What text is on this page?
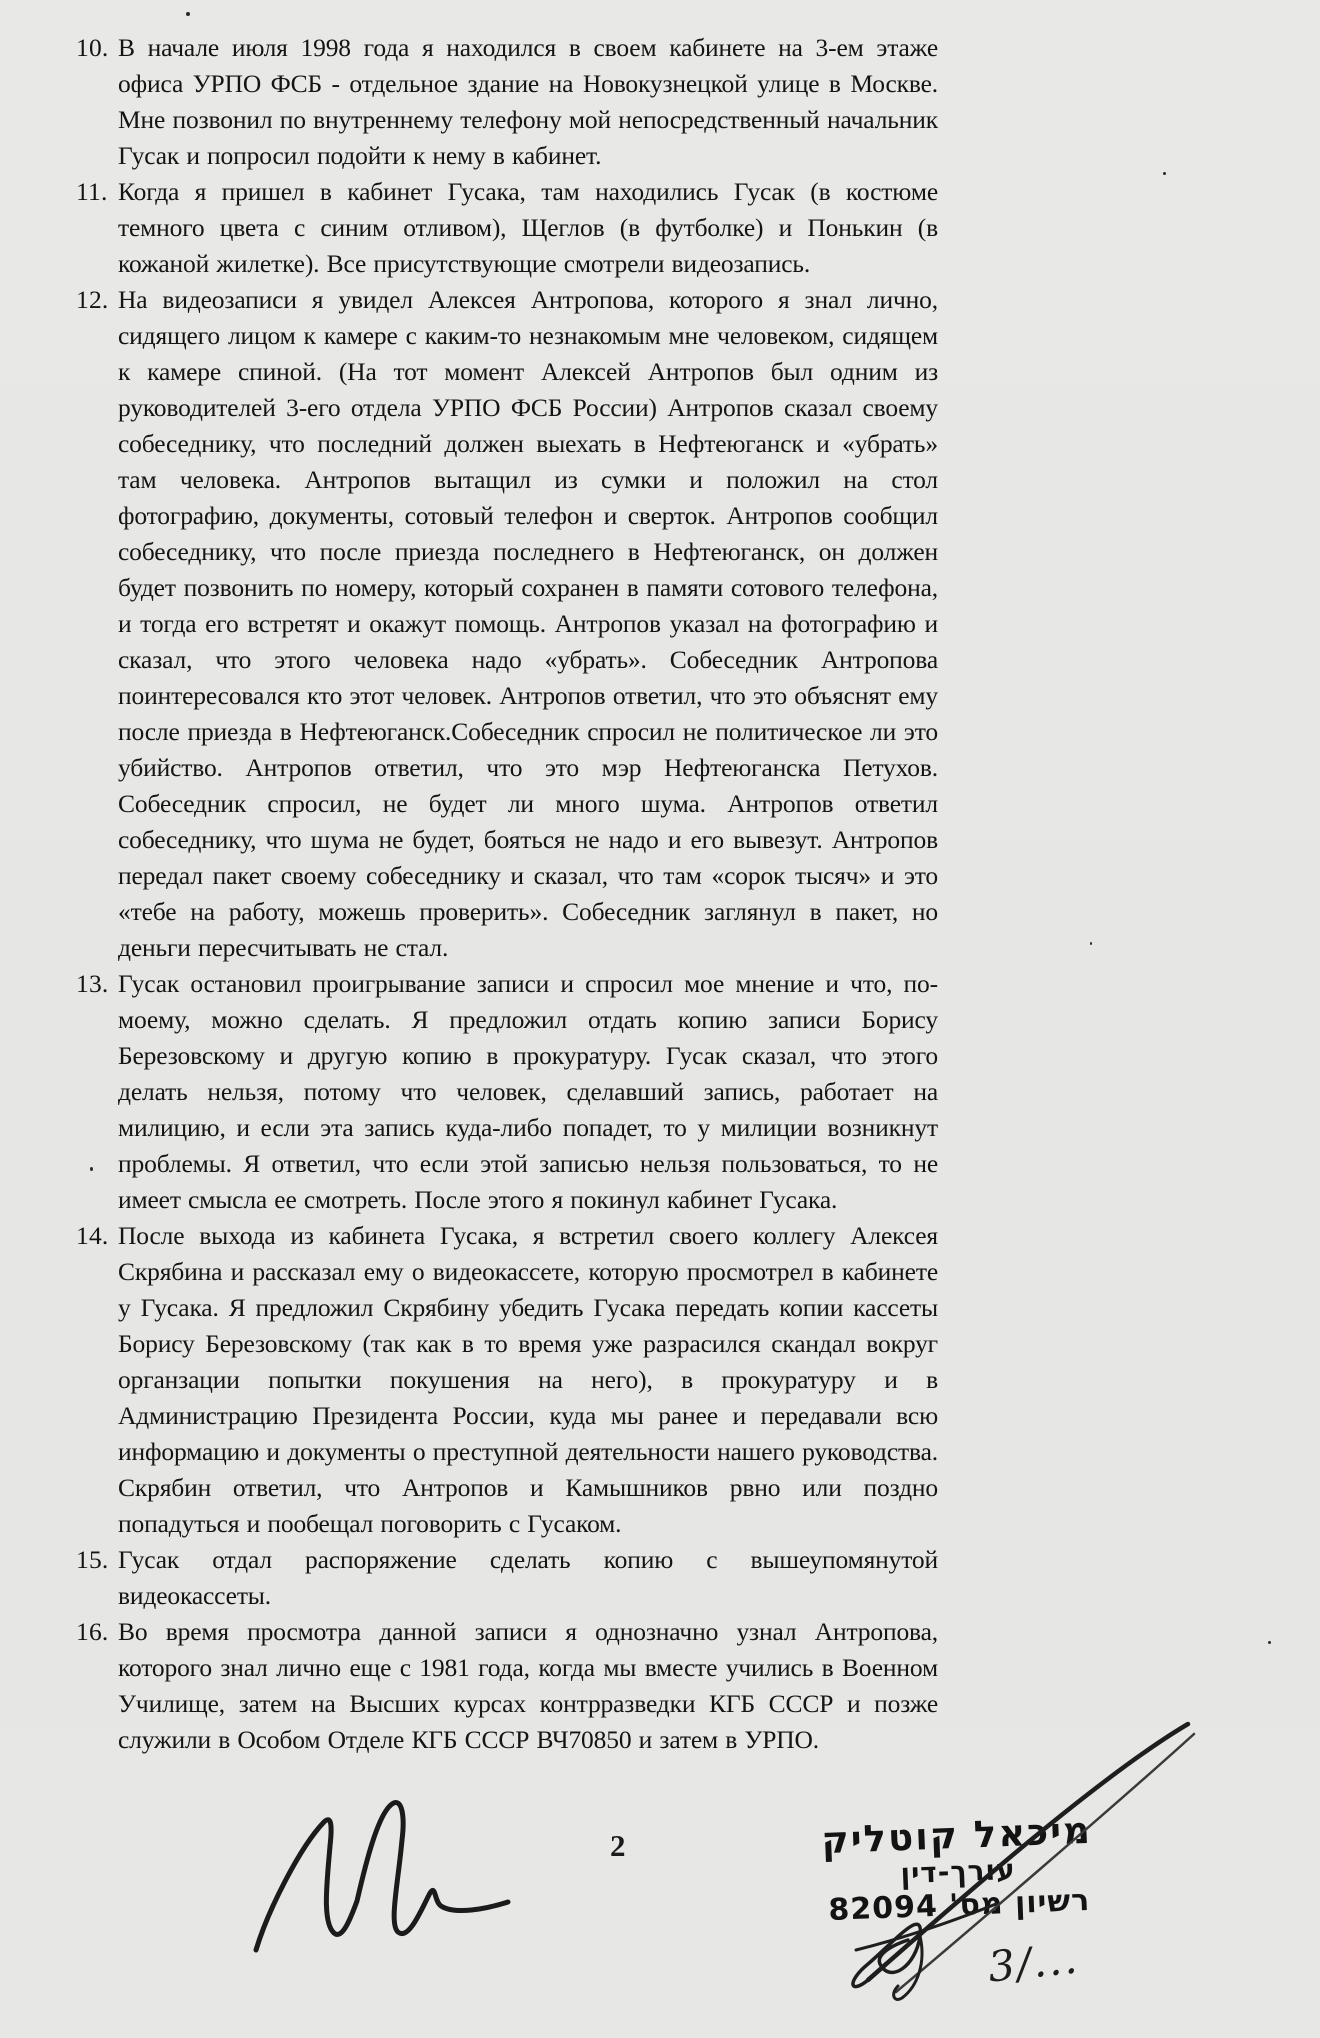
10. В начале июля 1998 года я находился в своем кабинете на 3-ем этаже офиса УРПО ФСБ - отдельное здание на Новокузнецкой улице в Москве. Мне позвонил по внутреннему телефону мой непосредственный начальник Гусак и попросил подойти к нему в кабинет.
11. Когда я пришел в кабинет Гусака, там находились Гусак (в костюме темного цвета с синим отливом), Щеглов (в футболке) и Понькин (в кожаной жилетке). Все присутствующие смотрели видеозапись.
12. На видеозаписи я увидел Алексея Антропова, которого я знал лично, сидящего лицом к камере с каким-то незнакомым мне человеком, сидящем к камере спиной. (На тот момент Алексей Антропов был одним из руководителей 3-его отдела УРПО ФСБ России) Антропов сказал своему собеседнику, что последний должен выехать в Нефтеюганск и «убрать» там человека. Антропов вытащил из сумки и положил на стол фотографию, документы, сотовый телефон и сверток. Антропов сообщил собеседнику, что после приезда последнего в Нефтеюганск, он должен будет позвонить по номеру, который сохранен в памяти сотового телефона, и тогда его встретят и окажут помощь. Антропов указал на фотографию и сказал, что этого человека надо «убрать». Собеседник Антропова поинтересовался кто этот человек. Антропов ответил, что это объяснят ему после приезда в Нефтеюганск.Собеседник спросил не политическое ли это убийство. Антропов ответил, что это мэр Нефтеюганска Петухов. Собеседник спросил, не будет ли много шума. Антропов ответил собеседнику, что шума не будет, бояться не надо и его вывезут. Антропов передал пакет своему собеседнику и сказал, что там «сорок тысяч» и это «тебе на работу, можешь проверить». Собеседник заглянул в пакет, но деньги пересчитывать не стал.
13. Гусак остановил проигрывание записи и спросил мое мнение и что, по-моему, можно сделать. Я предложил отдать копию записи Борису Березовскому и другую копию в прокуратуру. Гусак сказал, что этого делать нельзя, потому что человек, сделавший запись, работает на милицию, и если эта запись куда-либо попадет, то у милиции возникнут проблемы. Я ответил, что если этой записью нельзя пользоваться, то не имеет смысла ее смотреть. После этого я покинул кабинет Гусака.
14. После выхода из кабинета Гусака, я встретил своего коллегу Алексея Скрябина и рассказал ему о видеокассете, которую просмотрел в кабинете у Гусака. Я предложил Скрябину убедить Гусака передать копии кассеты Борису Березовскому (так как в то время уже разрасился скандал вокруг органзации попытки покушения на него), в прокуратуру и в Администрацию Президента России, куда мы ранее и передавали всю информацию и документы о преступной деятельности нашего руководства. Скрябин ответил, что Антропов и Камышников рвно или поздно попадуться и пообещал поговорить с Гусаком.
15. Гусак отдал распоряжение сделать копию с вышеупомянутой видеокассеты.
16. Во время просмотра данной записи я однозначно узнал Антропова, которого знал лично еще с 1981 года, когда мы вместе учились в Военном Училище, затем на Высших курсах контрразведки КГБ СССР и позже служили в Особом Отделе КГБ СССР ВЧ70850 и затем в УРПО.
2	מיכאל קוטליק
עורך-דין
רשיון מס' 82094
3/...
